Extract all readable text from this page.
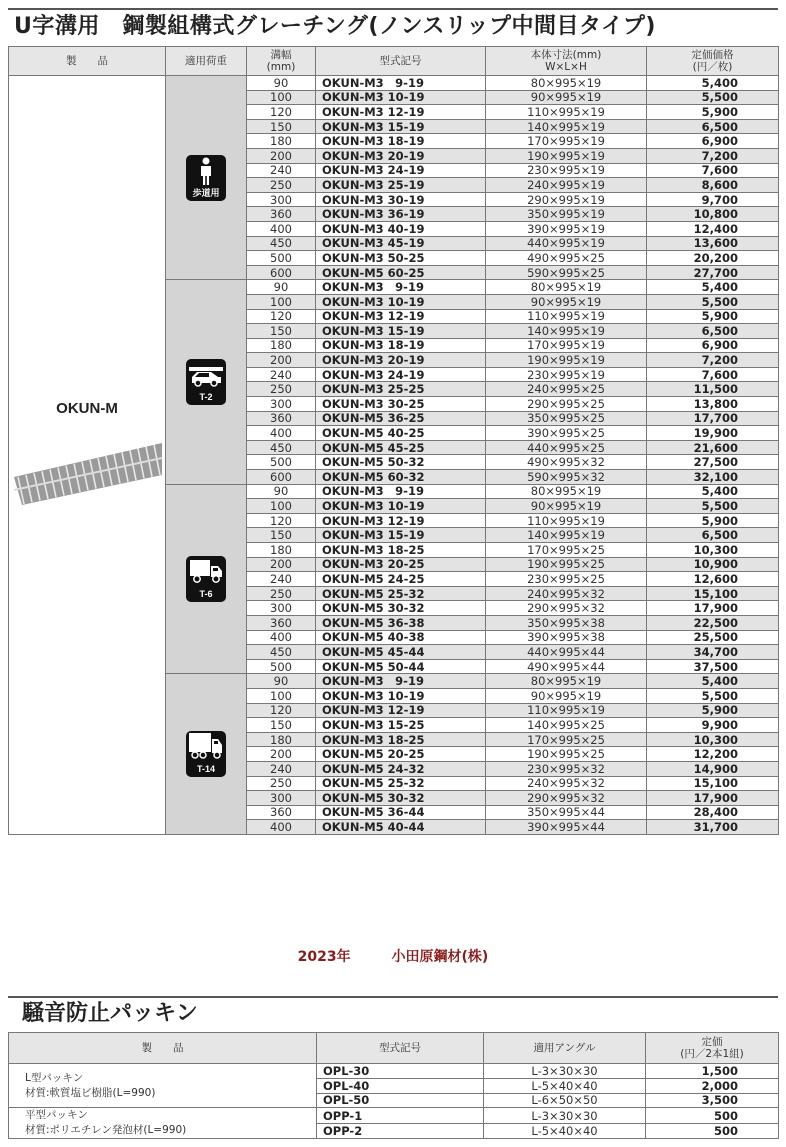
U字溝用　鋼製組構式グレーチング(ノンスリップ中間目タイプ)
製　　品	適用荷重	溝幅
(mm)	型式記号	本体寸法(mm)
W×L×H	定価価格
(円／枚)

OKUN-M	歩道用	90	OKUN-M3　9-19	80×995×19	5,400
		100	OKUN-M3 10-19	90×995×19	5,500
		120	OKUN-M3 12-19	110×995×19	5,900
		150	OKUN-M3 15-19	140×995×19	6,500
		180	OKUN-M3 18-19	170×995×19	6,900
		200	OKUN-M3 20-19	190×995×19	7,200
		240	OKUN-M3 24-19	230×995×19	7,600
		250	OKUN-M3 25-19	240×995×19	8,600
		300	OKUN-M3 30-19	290×995×19	9,700
		360	OKUN-M3 36-19	350×995×19	10,800
		400	OKUN-M3 40-19	390×995×19	12,400
		450	OKUN-M3 45-19	440×995×19	13,600
		500	OKUN-M3 50-25	490×995×25	20,200
		600	OKUN-M5 60-25	590×995×25	27,700

	T-2	90	OKUN-M3　9-19	80×995×19	5,400
		100	OKUN-M3 10-19	90×995×19	5,500
		120	OKUN-M3 12-19	110×995×19	5,900
		150	OKUN-M3 15-19	140×995×19	6,500
		180	OKUN-M3 18-19	170×995×19	6,900
		200	OKUN-M3 20-19	190×995×19	7,200
		240	OKUN-M3 24-19	230×995×19	7,600
		250	OKUN-M3 25-25	240×995×25	11,500
		300	OKUN-M3 30-25	290×995×25	13,800
		360	OKUN-M5 36-25	350×995×25	17,700
		400	OKUN-M5 40-25	390×995×25	19,900
		450	OKUN-M5 45-25	440×995×25	21,600
		500	OKUN-M5 50-32	490×995×32	27,500
		600	OKUN-M5 60-32	590×995×32	32,100

	T-6	90	OKUN-M3　9-19	80×995×19	5,400
		100	OKUN-M3 10-19	90×995×19	5,500
		120	OKUN-M3 12-19	110×995×19	5,900
		150	OKUN-M3 15-19	140×995×19	6,500
		180	OKUN-M3 18-25	170×995×25	10,300
		200	OKUN-M3 20-25	190×995×25	10,900
		240	OKUN-M5 24-25	230×995×25	12,600
		250	OKUN-M5 25-32	240×995×32	15,100
		300	OKUN-M5 30-32	290×995×32	17,900
		360	OKUN-M5 36-38	350×995×38	22,500
		400	OKUN-M5 40-38	390×995×38	25,500
		450	OKUN-M5 45-44	440×995×44	34,700
		500	OKUN-M5 50-44	490×995×44	37,500

	T-14	90	OKUN-M3　9-19	80×995×19	5,400
		100	OKUN-M3 10-19	90×995×19	5,500
		120	OKUN-M3 12-19	110×995×19	5,900
		150	OKUN-M3 15-25	140×995×25	9,900
		180	OKUN-M3 18-25	170×995×25	10,300
		200	OKUN-M5 20-25	190×995×25	12,200
		240	OKUN-M5 24-32	230×995×32	14,900
		250	OKUN-M5 25-32	240×995×32	15,100
		300	OKUN-M5 30-32	290×995×32	17,900
		360	OKUN-M5 36-44	350×995×44	28,400
		400	OKUN-M5 40-44	390×995×44	31,700
2023年	小田原鋼材(株)
騒音防止パッキン
製　　品	型式記号	適用アングル	定価
(円／2本1組)

L型パッキン
材質:軟質塩ビ樹脂(L=990)	OPL-30	L-3×30×30	1,500
	OPL-40	L-5×40×40	2,000
	OPL-50	L-6×50×50	3,500

平型パッキン
材質:ポリエチレン発泡材(L=990)	OPP-1	L-3×30×30	500
	OPP-2	L-5×40×40	500
